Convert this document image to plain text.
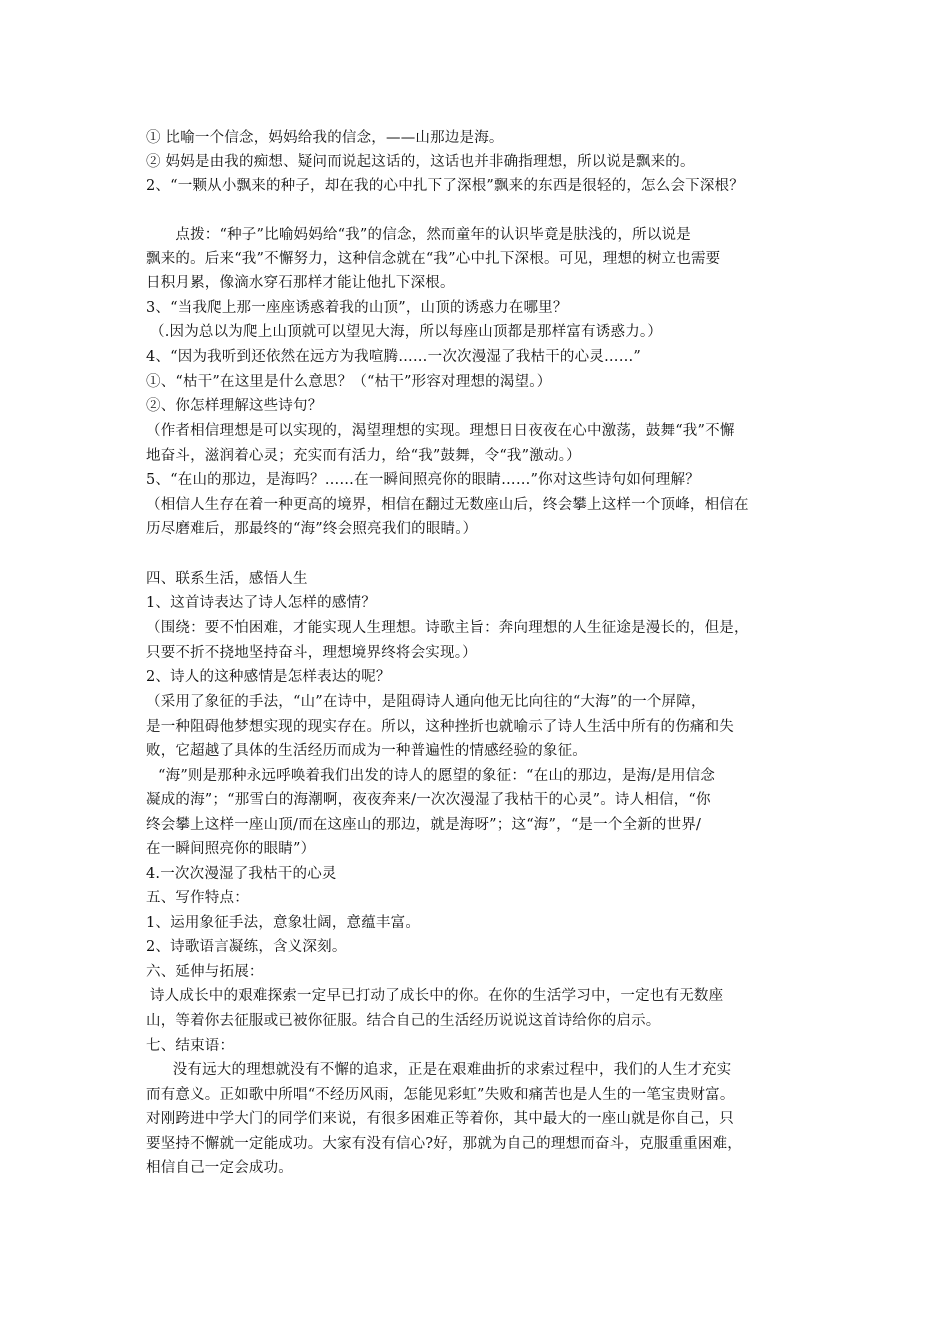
① 比喻一个信念，妈妈给我的信念，——山那边是海。
② 妈妈是由我的痴想、疑问而说起这话的，这话也并非确指理想，所以说是飘来的。
2、“一颗从小飘来的种子，却在我的心中扎下了深根”飘来的东西是很轻的，怎么会下深根？
　　点拨：“种子”比喻妈妈给“我”的信念，然而童年的认识毕竟是肤浅的，所以说是
飘来的。后来“我”不懈努力，这种信念就在“我”心中扎下深根。可见，理想的树立也需要
日积月累，像滴水穿石那样才能让他扎下深根。
3、“当我爬上那一座座诱惑着我的山顶”，山顶的诱惑力在哪里？
（.因为总以为爬上山顶就可以望见大海，所以每座山顶都是那样富有诱惑力。）
4、“因为我听到还依然在远方为我喧腾……一次次漫湿了我枯干的心灵……”
①、“枯干”在这里是什么意思？（“枯干”形容对理想的渴望。）
②、你怎样理解这些诗句？
（作者相信理想是可以实现的，渴望理想的实现。理想日日夜夜在心中激荡，鼓舞“我”不懈
地奋斗，滋润着心灵；充实而有活力，给“我”鼓舞，令“我”激动。）
5、“在山的那边，是海吗？……在一瞬间照亮你的眼睛……”你对这些诗句如何理解？
（相信人生存在着一种更高的境界，相信在翻过无数座山后，终会攀上这样一个顶峰，相信在
历尽磨难后，那最终的“海”终会照亮我们的眼睛。）
四、联系生活，感悟人生
1、这首诗表达了诗人怎样的感情？
（围绕：要不怕困难，才能实现人生理想。诗歌主旨：奔向理想的人生征途是漫长的，但是，
只要不折不挠地坚持奋斗，理想境界终将会实现。）
2、诗人的这种感情是怎样表达的呢？
（采用了象征的手法，“山”在诗中，是阻碍诗人通向他无比向往的“大海”的一个屏障，
是一种阻碍他梦想实现的现实存在。所以，这种挫折也就喻示了诗人生活中所有的伤痛和失
败，它超越了具体的生活经历而成为一种普遍性的情感经验的象征。
“海”则是那种永远呼唤着我们出发的诗人的愿望的象征：“在山的那边，是海/是用信念
凝成的海”；“那雪白的海潮啊，夜夜奔来/一次次漫湿了我枯干的心灵”。诗人相信，“你
终会攀上这样一座山顶/而在这座山的那边，就是海呀”；这“海”，“是一个全新的世界/
在一瞬间照亮你的眼睛”）
4.一次次漫湿了我枯干的心灵
五、写作特点：
1、运用象征手法，意象壮阔，意蕴丰富。
2、诗歌语言凝练，含义深刻。
六、延伸与拓展：
诗人成长中的艰难探索一定早已打动了成长中的你。在你的生活学习中，一定也有无数座
山，等着你去征服或已被你征服。结合自己的生活经历说说这首诗给你的启示。
七、结束语：
　没有远大的理想就没有不懈的追求，正是在艰难曲折的求索过程中，我们的人生才充实
而有意义。正如歌中所唱“不经历风雨，怎能见彩虹”失败和痛苦也是人生的一笔宝贵财富。
对刚跨进中学大门的同学们来说，有很多困难正等着你，其中最大的一座山就是你自己，只
要坚持不懈就一定能成功。大家有没有信心?好，那就为自己的理想而奋斗，克服重重困难，
相信自己一定会成功。
